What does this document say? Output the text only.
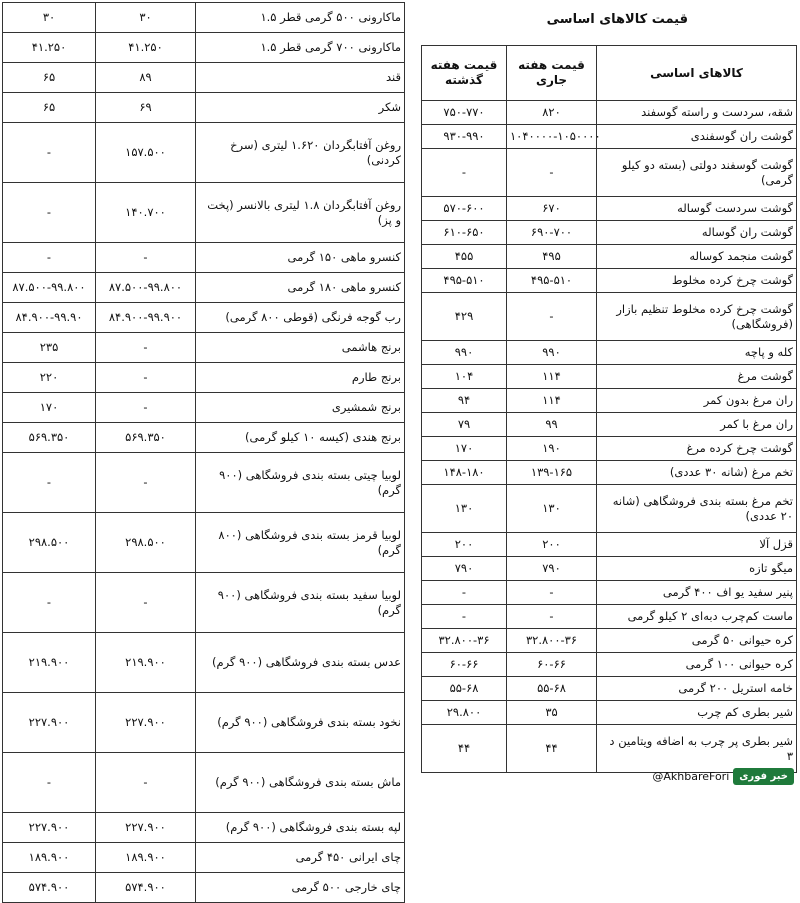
قیمت کالاهای اساسی
۳۰	۳۰	ماکارونی ۵۰۰ گرمی قطر ۱.۵
۴۱.۲۵۰	۴۱.۲۵۰	ماکارونی ۷۰۰ گرمی قطر ۱.۵
۶۵	۸۹	قند
۶۵	۶۹	شکر
-	۱۵۷.۵۰۰	روغن آفتابگردان ۱.۶۲۰ لیتری (سرخ کردنی)
-	۱۴۰.۷۰۰	روغن آفتابگردان ۱.۸ لیتری بالانسر (پخت و پز)
-	-	کنسرو ماهی ۱۵۰ گرمی
۸۷.۵۰۰-۹۹.۸۰۰	۸۷.۵۰۰-۹۹.۸۰۰	کنسرو ماهی ۱۸۰ گرمی
۸۴.۹۰۰-۹۹.۹۰	۸۴.۹۰۰-۹۹.۹۰۰	رب گوجه فرنگی (قوطی ۸۰۰ گرمی)
۲۳۵	-	برنج هاشمی
۲۲۰	-	برنج طارم
۱۷۰	-	برنج شمشیری
۵۶۹.۳۵۰	۵۶۹.۳۵۰	برنج هندی (کیسه ۱۰ کیلو گرمی)
-	-	لوبیا چیتی بسته بندی فروشگاهی (۹۰۰ گرم)
۲۹۸.۵۰۰	۲۹۸.۵۰۰	لوبیا قرمز بسته بندی فروشگاهی (۸۰۰ گرم)
-	-	لوبیا سفید بسته بندی فروشگاهی (۹۰۰ گرم)
۲۱۹.۹۰۰	۲۱۹.۹۰۰	عدس بسته بندی فروشگاهی (۹۰۰ گرم)
۲۲۷.۹۰۰	۲۲۷.۹۰۰	نخود بسته بندی فروشگاهی (۹۰۰ گرم)
-	-	ماش بسته بندی فروشگاهی (۹۰۰ گرم)
۲۲۷.۹۰۰	۲۲۷.۹۰۰	لپه بسته بندی فروشگاهی (۹۰۰ گرم)
۱۸۹.۹۰۰	۱۸۹.۹۰۰	چای ایرانی ۴۵۰ گرمی
۵۷۴.۹۰۰	۵۷۴.۹۰۰	چای خارجی ۵۰۰ گرمی
قیمت هفته گذشته	قیمت هفته جاری	کالاهای اساسی
۷۵۰-۷۷۰	۸۲۰	شقه، سردست و راسته گوسفند
۹۳۰-۹۹۰	۱۰۴۰۰۰۰-۱۰۵۰۰۰۰	گوشت ران گوسفندی
-	-	گوشت گوسفند دولتی (بسته دو کیلو گرمی)
۵۷۰-۶۰۰	۶۷۰	گوشت سردست گوساله
۶۱۰-۶۵۰	۶۹۰-۷۰۰	گوشت ران گوساله
۴۵۵	۴۹۵	گوشت منجمد کوساله
۴۹۵-۵۱۰	۴۹۵-۵۱۰	گوشت چرخ کرده مخلوط
۴۲۹	-	گوشت چرخ کرده مخلوط تنظیم بازار (فروشگاهی)
۹۹۰	۹۹۰	کله و پاچه
۱۰۴	۱۱۴	گوشت مرغ
۹۴	۱۱۴	ران مرغ بدون کمر
۷۹	۹۹	ران مرغ با کمر
۱۷۰	۱۹۰	گوشت چرخ کرده مرغ
۱۴۸-۱۸۰	۱۳۹-۱۶۵	تخم مرغ (شانه ۳۰ عددی)
۱۳۰	۱۳۰	تخم مرغ بسته بندی فروشگاهی (شانه ۲۰ عددی)
۲۰۰	۲۰۰	قزل آلا
۷۹۰	۷۹۰	میگو تازه
-	-	پنیر سفید یو اف ۴۰۰ گرمی
-	-	ماست کم‌چرب دبه‌ای ۲ کیلو گرمی
۳۲.۸۰۰-۳۶	۳۲.۸۰۰-۳۶	کره حیوانی ۵۰ گرمی
۶۰-۶۶	۶۰-۶۶	کره حیوانی ۱۰۰ گرمی
۵۵-۶۸	۵۵-۶۸	خامه استریل ۲۰۰ گرمی
۲۹.۸۰۰	۳۵	شیر بطری کم چرب
۴۴	۴۴	شیر بطری پر چرب به اضافه ویتامین د ۳
@AkhbareFori	خبر فوری
